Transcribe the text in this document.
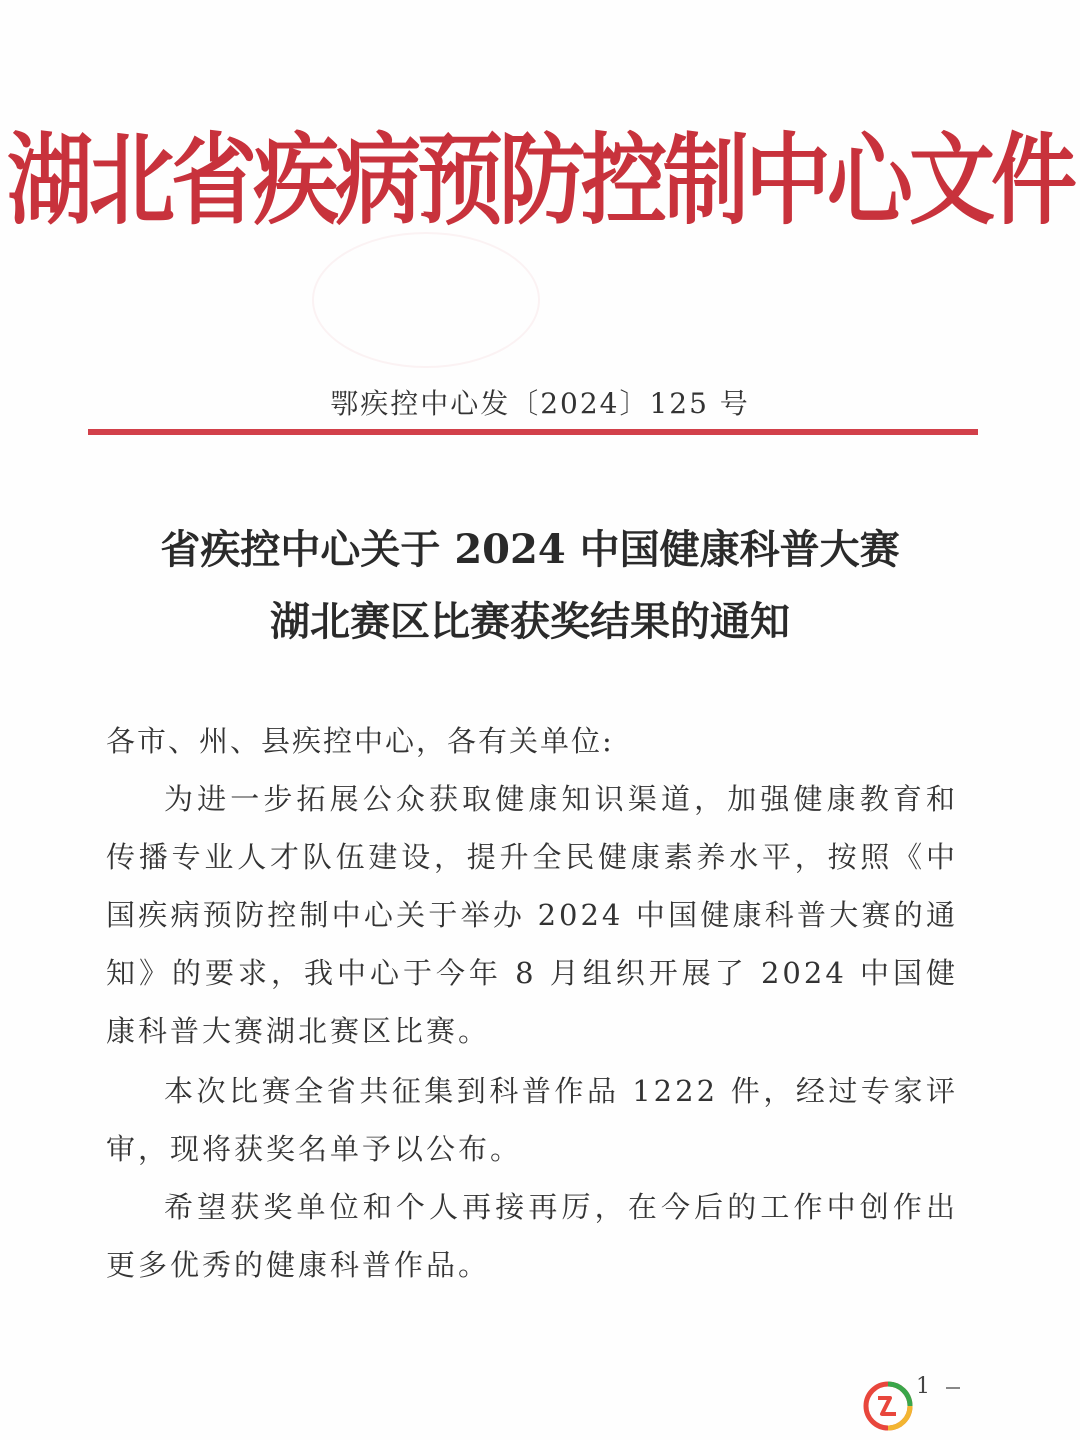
湖北省疾病预防控制中心文件
鄂疾控中心发〔2024〕125 号
省疾控中心关于 2024 中国健康科普大赛
湖北赛区比赛获奖结果的通知
各市、州、县疾控中心，各有关单位:
为进一步拓展公众获取健康知识渠道，加强健康教育和传播专业人才队伍建设，提升全民健康素养水平，按照《中国疾病预防控制中心关于举办 2024 中国健康科普大赛的通知》的要求，我中心于今年 8 月组织开展了 2024 中国健康科普大赛湖北赛区比赛。
本次比赛全省共征集到科普作品 1222 件，经过专家评审，现将获奖名单予以公布。
希望获奖单位和个人再接再厉，在今后的工作中创作出更多优秀的健康科普作品。
1
